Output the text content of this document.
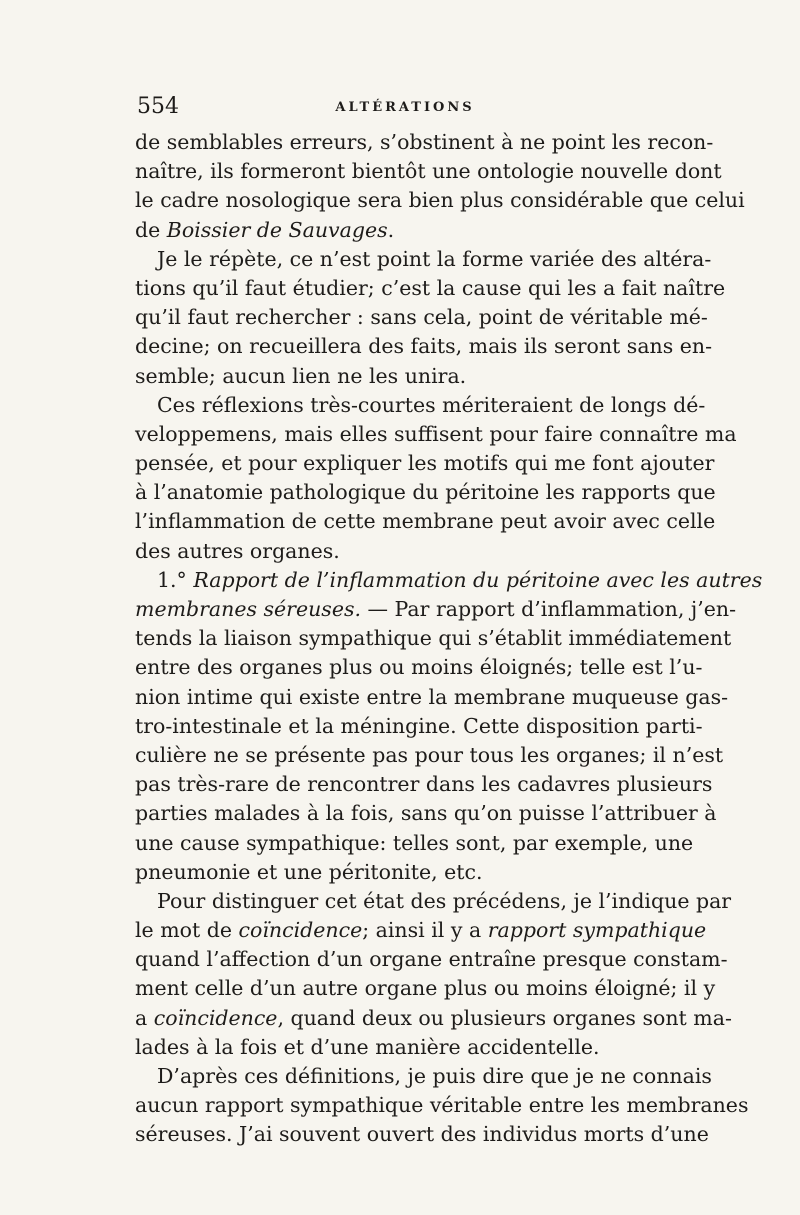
554	ALTÉRATIONS
de semblables erreurs, s’obstinent à ne point les recon-
naître, ils formeront bientôt une ontologie nouvelle dont
le cadre nosologique sera bien plus considérable que celui
de Boissier de Sauvages.
Je le répète, ce n’est point la forme variée des altéra-
tions qu’il faut étudier; c’est la cause qui les a fait naître
qu’il faut rechercher : sans cela, point de véritable mé-
decine; on recueillera des faits, mais ils seront sans en-
semble; aucun lien ne les unira.
Ces réflexions très-courtes mériteraient de longs dé-
veloppemens, mais elles suffisent pour faire connaître ma
pensée, et pour expliquer les motifs qui me font ajouter
à l’anatomie pathologique du péritoine les rapports que
l’inflammation de cette membrane peut avoir avec celle
des autres organes.
1.° Rapport de l’inflammation du péritoine avec les autres
membranes séreuses. — Par rapport d’inflammation, j’en-
tends la liaison sympathique qui s’établit immédiatement
entre des organes plus ou moins éloignés; telle est l’u-
nion intime qui existe entre la membrane muqueuse gas-
tro-intestinale et la méningine. Cette disposition parti-
culière ne se présente pas pour tous les organes; il n’est
pas très-rare de rencontrer dans les cadavres plusieurs
parties malades à la fois, sans qu’on puisse l’attribuer à
une cause sympathique: telles sont, par exemple, une
pneumonie et une péritonite, etc.
Pour distinguer cet état des précédens, je l’indique par
le mot de coïncidence; ainsi il y a rapport sympathique
quand l’affection d’un organe entraîne presque constam-
ment celle d’un autre organe plus ou moins éloigné; il y
a coïncidence, quand deux ou plusieurs organes sont ma-
lades à la fois et d’une manière accidentelle.
D’après ces définitions, je puis dire que je ne connais
aucun rapport sympathique véritable entre les membranes
séreuses. J’ai souvent ouvert des individus morts d’une
